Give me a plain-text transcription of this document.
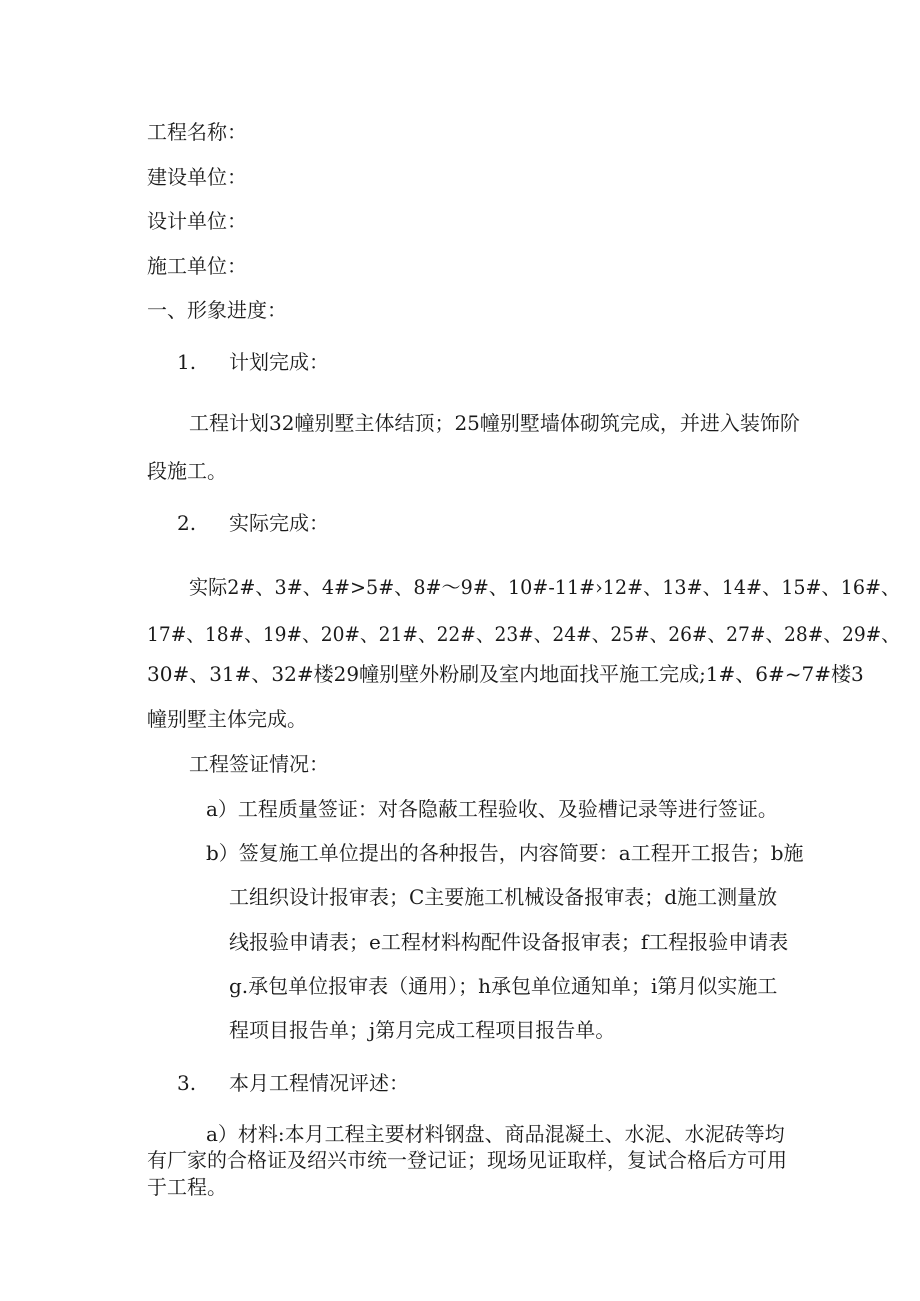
工程名称：
建设单位：
设计单位：
施工单位：
一、形象进度：
1. 计划完成：
工程计划32幢别墅主体结顶；25幢别墅墙体砌筑完成，并进入装饰阶
段施工。
2. 实际完成：
实际2#、3#、4#>5#、8#～9#、10#-11#›12#、13#、14#、15#、16#、
17#、18#、19#、20#、21#、22#、23#、24#、25#、26#、27#、28#、29#、
30#、31#、32#楼29幢别壁外粉刷及室内地面找平施工完成;1#、6#~7#楼3
幢别墅主体完成。
工程签证情况：
a）工程质量签证：对各隐蔽工程验收、及验槽记录等进行签证。
b）签复施工单位提出的各种报告，内容简要：a工程开工报告；b施
工组织设计报审表；C主要施工机械设备报审表；d施工测量放
线报验申请表；e工程材料构配件设备报审表；f工程报验申请表
g.承包单位报审表（通用）；h承包单位通知单；i第月似实施工
程项目报告单；j第月完成工程项目报告单。
3. 本月工程情况评述：
a）材料:本月工程主要材料钢盘、商品混凝土、水泥、水泥砖等均
有厂家的合格证及绍兴市统一登记证；现场见证取样，复试合格后方可用
于工程。
